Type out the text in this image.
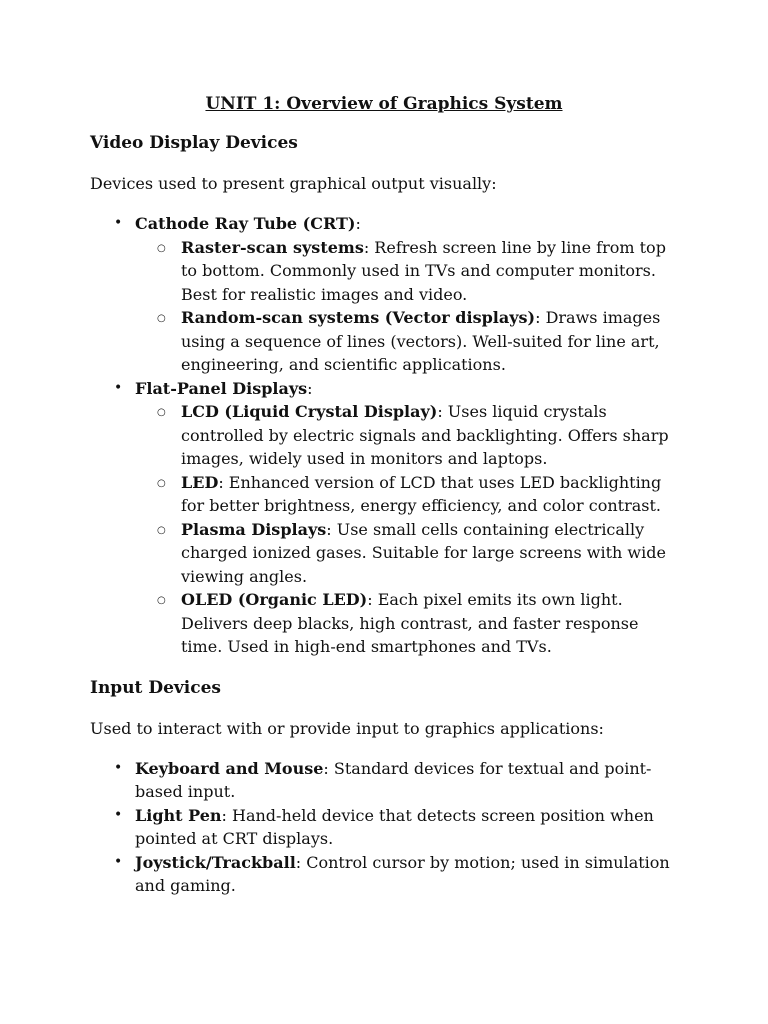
UNIT 1: Overview of Graphics System
Video Display Devices

Devices used to present graphical output visually:

• Cathode Ray Tube (CRT):
○ Raster-scan systems: Refresh screen line by line from top to bottom. Commonly used in TVs and computer monitors. Best for realistic images and video.
○ Random-scan systems (Vector displays): Draws images using a sequence of lines (vectors). Well-suited for line art, engineering, and scientific applications.
• Flat-Panel Displays:
○ LCD (Liquid Crystal Display): Uses liquid crystals controlled by electric signals and backlighting. Offers sharp images, widely used in monitors and laptops.
○ LED: Enhanced version of LCD that uses LED backlighting for better brightness, energy efficiency, and color contrast.
○ Plasma Displays: Use small cells containing electrically charged ionized gases. Suitable for large screens with wide viewing angles.
○ OLED (Organic LED): Each pixel emits its own light. Delivers deep blacks, high contrast, and faster response time. Used in high-end smartphones and TVs.
Input Devices

Used to interact with or provide input to graphics applications:

• Keyboard and Mouse: Standard devices for textual and point-based input.
• Light Pen: Hand-held device that detects screen position when pointed at CRT displays.
• Joystick/Trackball: Control cursor by motion; used in simulation and gaming.
